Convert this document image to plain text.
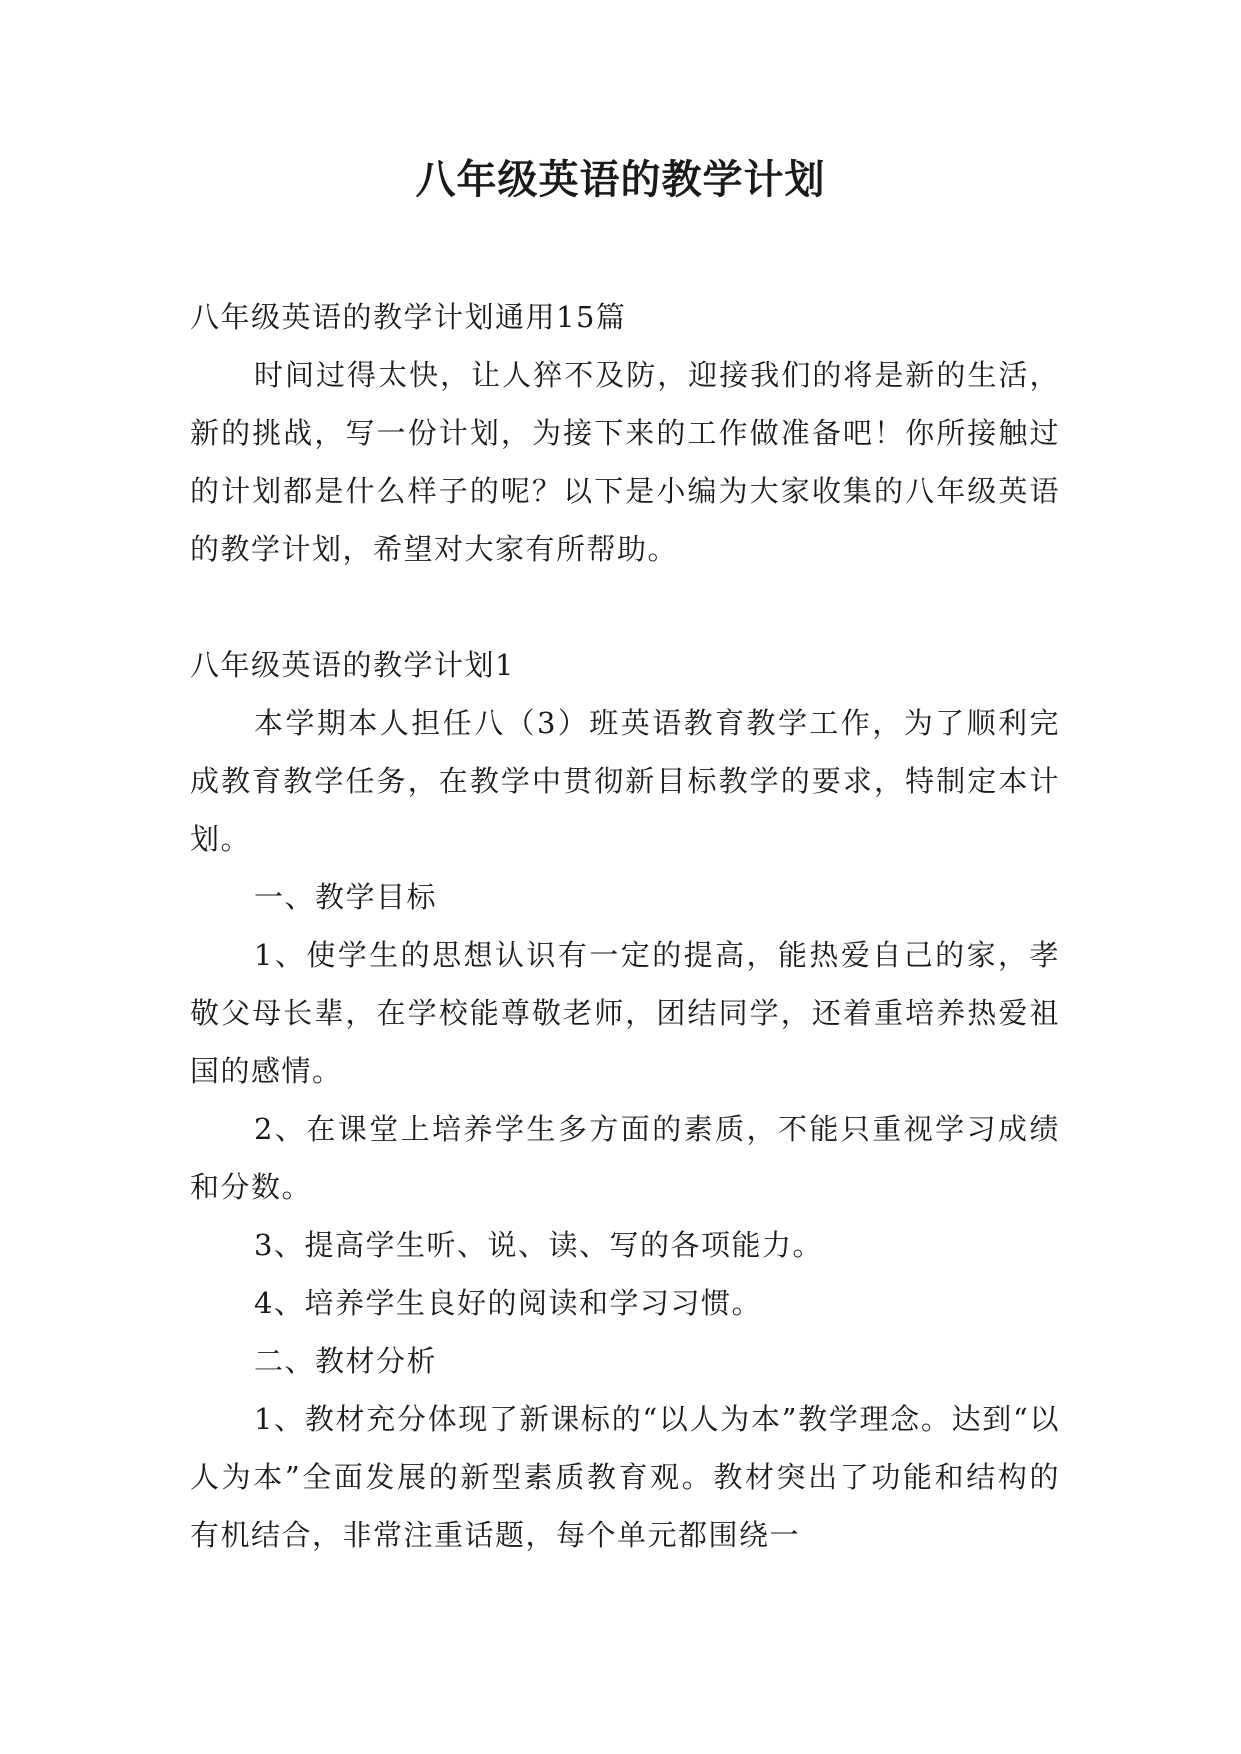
八年级英语的教学计划

八年级英语的教学计划通用15篇

时间过得太快，让人猝不及防，迎接我们的将是新的生活，新的挑战，写一份计划，为接下来的工作做准备吧！你所接触过的计划都是什么样子的呢？以下是小编为大家收集的八年级英语的教学计划，希望对大家有所帮助。

八年级英语的教学计划1

本学期本人担任八（3）班英语教育教学工作，为了顺利完成教育教学任务，在教学中贯彻新目标教学的要求，特制定本计划。

一、教学目标

1、使学生的思想认识有一定的提高，能热爱自己的家，孝敬父母长辈，在学校能尊敬老师，团结同学，还着重培养热爱祖国的感情。

2、在课堂上培养学生多方面的素质，不能只重视学习成绩和分数。

3、提高学生听、说、读、写的各项能力。

4、培养学生良好的阅读和学习习惯。

二、教材分析

1、教材充分体现了新课标的“以人为本”教学理念。达到“以人为本”全面发展的新型素质教育观。教材突出了功能和结构的有机结合，非常注重话题，每个单元都围绕一
